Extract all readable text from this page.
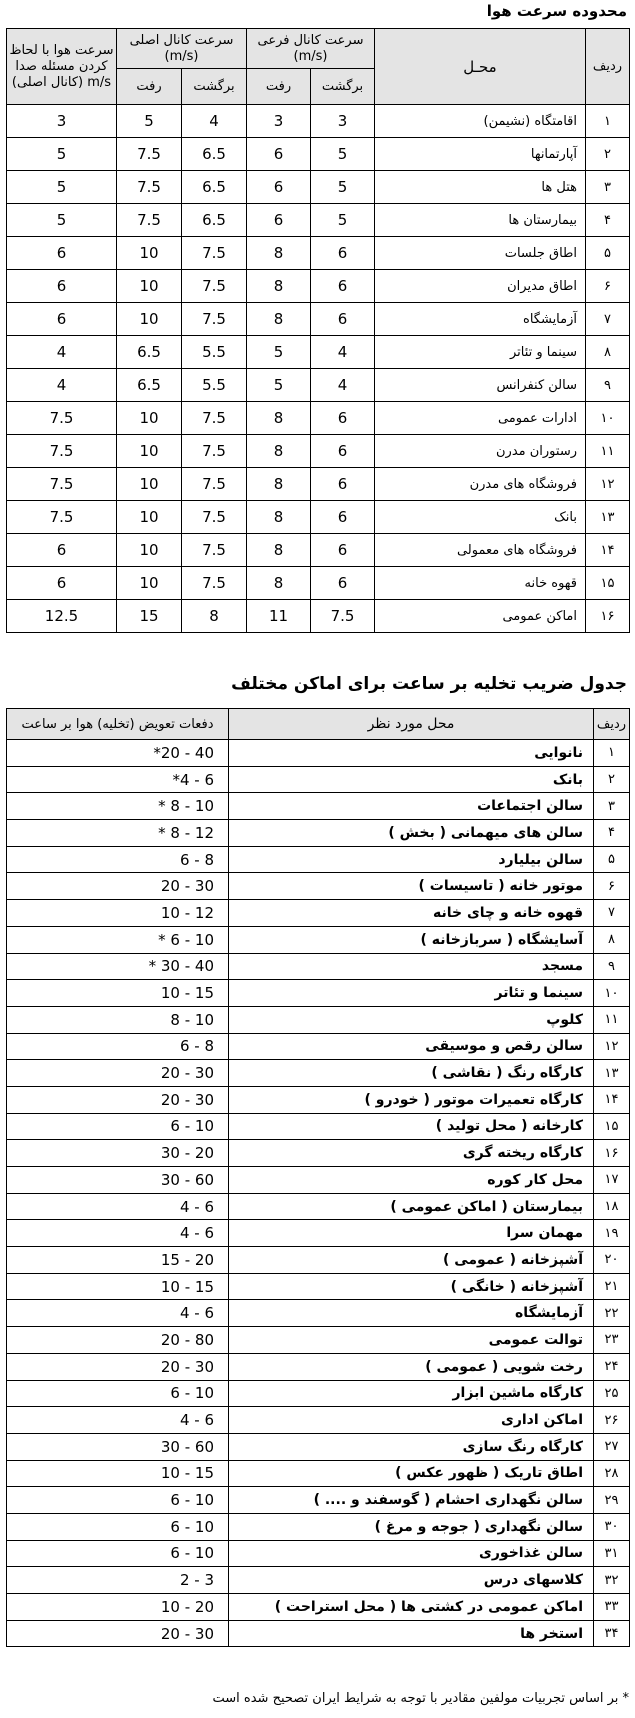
محدوده سرعت هوا
ردیف	محـل	سرعت کانال فرعی (m/s)		سرعت کانال اصلی (m/s)		سرعت هوا با لحاظ کردن مسئله صدا m/s (کانال اصلی)
		برگشت	رفت	برگشت	رفت	
۱	اقامتگاه (نشیمن)	3	3	4	5	3
۲	آپارتمانها	5	6	6.5	7.5	5
۳	هتل ها	5	6	6.5	7.5	5
۴	بیمارستان ها	5	6	6.5	7.5	5
۵	اطاق جلسات	6	8	7.5	10	6
۶	اطاق مدیران	6	8	7.5	10	6
۷	آزمایشگاه	6	8	7.5	10	6
۸	سینما و تئاتر	4	5	5.5	6.5	4
۹	سالن کنفرانس	4	5	5.5	6.5	4
۱۰	ادارات عمومی	6	8	7.5	10	7.5
۱۱	رستوران مدرن	6	8	7.5	10	7.5
۱۲	فروشگاه های مدرن	6	8	7.5	10	7.5
۱۳	بانک	6	8	7.5	10	7.5
۱۴	فروشگاه های معمولی	6	8	7.5	10	6
۱۵	قهوه خانه	6	8	7.5	10	6
۱۶	اماکن عمومی	7.5	11	8	15	12.5
جدول ضریب تخلیه بر ساعت برای اماکن مختلف
ردیف	محل مورد نظر	دفعات تعویض (تخلیه) هوا بر ساعت
۱	نانوایی	*20 - 40
۲	بانک	*4 - 6
۳	سالن اجتماعات	* 8 - 10
۴	سالن های میهمانی ( بخش )	* 8 - 12
۵	سالن بیلیارد	6 - 8
۶	موتور خانه ( تاسیسات )	20 - 30
۷	قهوه خانه و چای خانه	10 - 12
۸	آسایشگاه ( سربازخانه )	* 6 - 10
۹	مسجد	* 30 - 40
۱۰	سینما و تئاتر	10 - 15
۱۱	کلوپ	8 - 10
۱۲	سالن رقص و موسیقی	6 - 8
۱۳	کارگاه رنگ ( نقاشی )	20 - 30
۱۴	کارگاه تعمیرات موتور ( خودرو )	20 - 30
۱۵	کارخانه ( محل تولید )	6 - 10
۱۶	کارگاه ریخته گری	30 - 20
۱۷	محل کار کوره	30 - 60
۱۸	بیمارستان ( اماکن عمومی )	4 - 6
۱۹	مهمان سرا	4 - 6
۲۰	آشپزخانه ( عمومی )	15 - 20
۲۱	آشپزخانه ( خانگی )	10 - 15
۲۲	آزمایشگاه	4 - 6
۲۳	توالت عمومی	20 - 80
۲۴	رخت شویی ( عمومی )	20 - 30
۲۵	کارگاه ماشین ابزار	6 - 10
۲۶	اماکن اداری	4 - 6
۲۷	کارگاه رنگ سازی	30 - 60
۲۸	اطاق تاریک ( ظهور عکس )	10 - 15
۲۹	سالن نگهداری احشام ( گوسفند و .... )	6 - 10
۳۰	سالن نگهداری ( جوجه و مرغ )	6 - 10
۳۱	سالن غذاخوری	6 - 10
۳۲	کلاسهای درس	2 - 3
۳۳	اماکن عمومی در کشتی ها ( محل استراحت )	10 - 20
۳۴	استخر ها	20 - 30
* بر اساس تجربیات مولفین مقادیر با توجه به شرایط ایران تصحیح شده است
